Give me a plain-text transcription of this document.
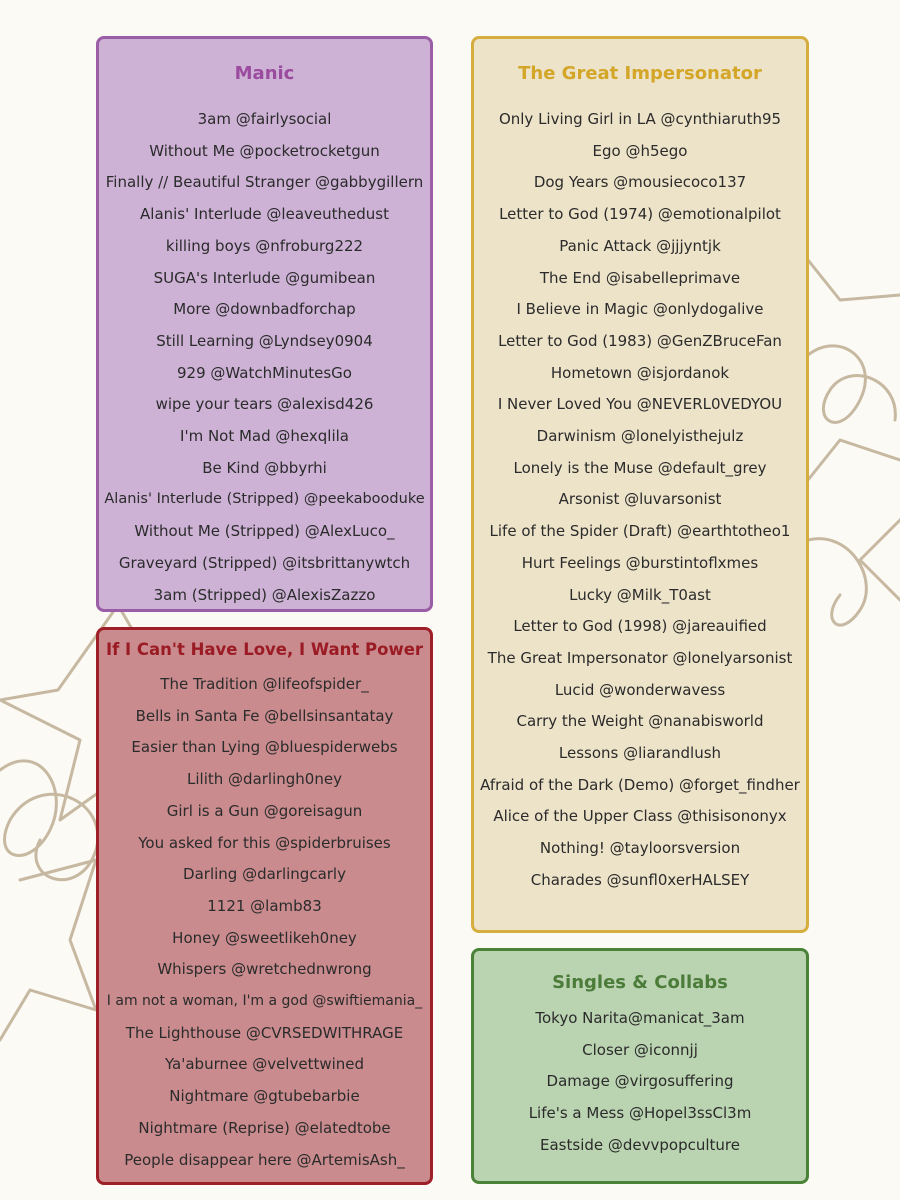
Manic
3am @fairlysocial
Without Me @pocketrocketgun
Finally // Beautiful Stranger @gabbygillern
Alanis' Interlude @leaveuthedust
killing boys @nfroburg222
SUGA's Interlude @gumibean
More @downbadforchap
Still Learning @Lyndsey0904
929 @WatchMinutesGo
wipe your tears @alexisd426
I'm Not Mad @hexqlila
Be Kind @bbyrhi
Alanis' Interlude (Stripped) @peekabooduke
Without Me (Stripped) @AlexLuco_
Graveyard (Stripped) @itsbrittanywtch
3am (Stripped) @AlexisZazzo
If I Can't Have Love, I Want Power
The Tradition @lifeofspider_
Bells in Santa Fe @bellsinsantatay
Easier than Lying @bluespiderwebs
Lilith @darlingh0ney
Girl is a Gun @goreisagun
You asked for this @spiderbruises
Darling @darlingcarly
1121 @lamb83
Honey @sweetlikeh0ney
Whispers @wretchednwrong
I am not a woman, I'm a god @swiftiemania_
The Lighthouse @CVRSEDWITHRAGE
Ya'aburnee @velvettwined
Nightmare @gtubebarbie
Nightmare (Reprise) @elatedtobe
People disappear here @ArtemisAsh_
The Great Impersonator
Only Living Girl in LA @cynthiaruth95
Ego @h5ego
Dog Years @mousiecoco137
Letter to God (1974) @emotionalpilot
Panic Attack @jjjyntjk
The End @isabelleprimave
I Believe in Magic @onlydogalive
Letter to God (1983) @GenZBruceFan
Hometown @isjordanok
I Never Loved You @NEVERL0VEDYOU
Darwinism @lonelyisthejulz
Lonely is the Muse @default_grey
Arsonist @luvarsonist
Life of the Spider (Draft) @earthtotheo1
Hurt Feelings @burstintoflxmes
Lucky @Milk_T0ast
Letter to God (1998) @jareauified
The Great Impersonator @lonelyarsonist
Lucid @wonderwavess
Carry the Weight @nanabisworld
Lessons @liarandlush
Afraid of the Dark (Demo) @forget_findher
Alice of the Upper Class @thisisononyx
Nothing! @tayloorsversion
Charades @sunfl0xerHALSEY
Singles & Collabs
Tokyo Narita@manicat_3am
Closer @iconnjj
Damage @virgosuffering
Life's a Mess @Hopel3ssCl3m
Eastside @devvpopculture
